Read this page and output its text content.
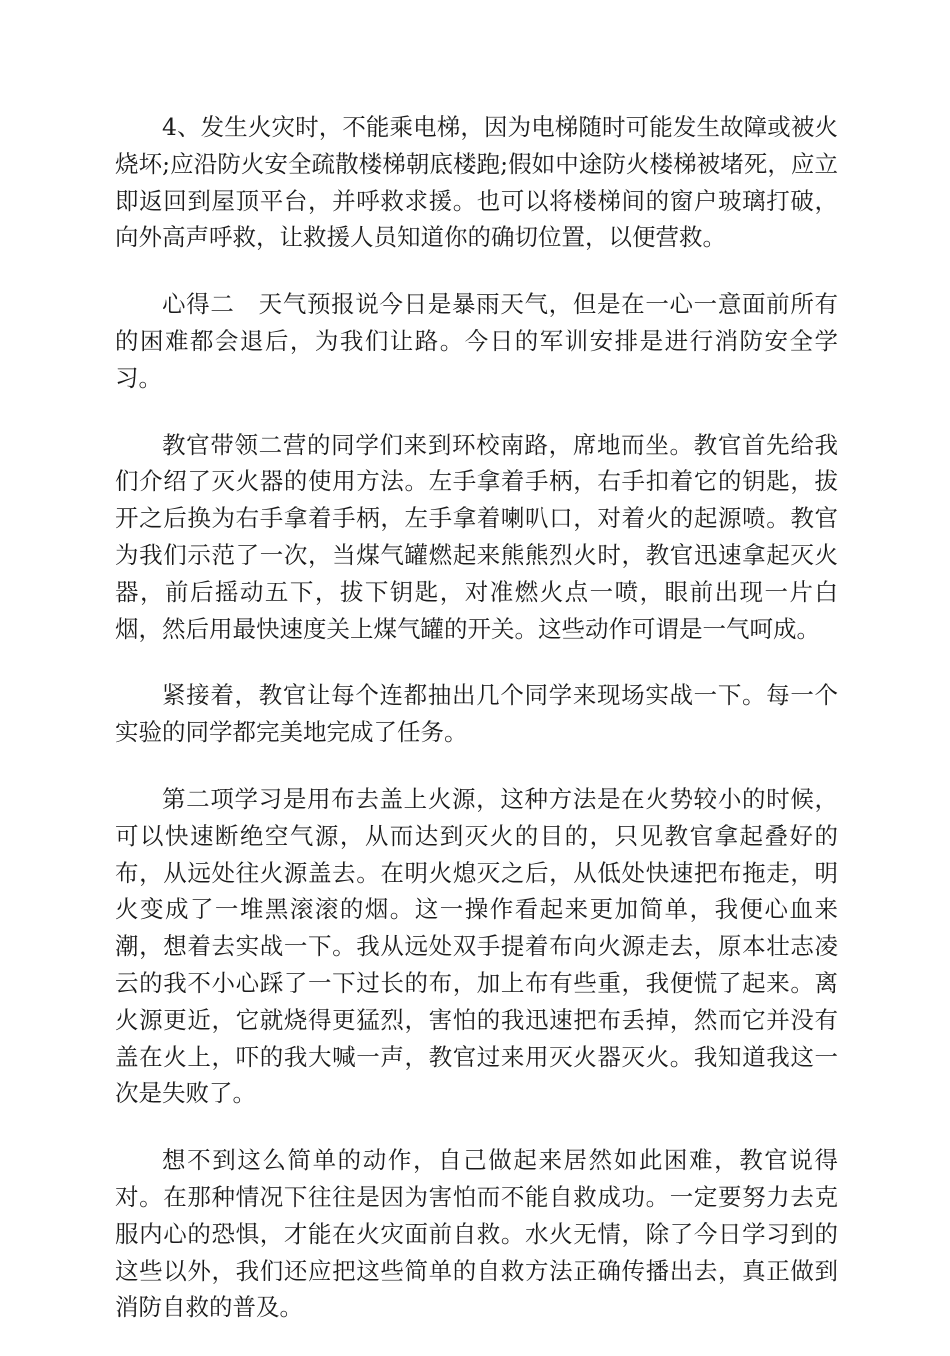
4、发生火灾时，不能乘电梯，因为电梯随时可能发生故障或被火烧坏;应沿防火安全疏散楼梯朝底楼跑;假如中途防火楼梯被堵死，应立即返回到屋顶平台，并呼救求援。也可以将楼梯间的窗户玻璃打破，向外高声呼救，让救援人员知道你的确切位置，以便营救。

心得二　天气预报说今日是暴雨天气，但是在一心一意面前所有的困难都会退后，为我们让路。今日的军训安排是进行消防安全学习。

教官带领二营的同学们来到环校南路，席地而坐。教官首先给我们介绍了灭火器的使用方法。左手拿着手柄，右手扣着它的钥匙，拔开之后换为右手拿着手柄，左手拿着喇叭口，对着火的起源喷。教官为我们示范了一次，当煤气罐燃起来熊熊烈火时，教官迅速拿起灭火器，前后摇动五下，拔下钥匙，对准燃火点一喷，眼前出现一片白烟，然后用最快速度关上煤气罐的开关。这些动作可谓是一气呵成。

紧接着，教官让每个连都抽出几个同学来现场实战一下。每一个实验的同学都完美地完成了任务。

第二项学习是用布去盖上火源，这种方法是在火势较小的时候，可以快速断绝空气源，从而达到灭火的目的，只见教官拿起叠好的布，从远处往火源盖去。在明火熄灭之后，从低处快速把布拖走，明火变成了一堆黑滚滚的烟。这一操作看起来更加简单，我便心血来潮，想着去实战一下。我从远处双手提着布向火源走去，原本壮志凌云的我不小心踩了一下过长的布，加上布有些重，我便慌了起来。离火源更近，它就烧得更猛烈，害怕的我迅速把布丢掉，然而它并没有盖在火上，吓的我大喊一声，教官过来用灭火器灭火。我知道我这一次是失败了。

想不到这么简单的动作，自己做起来居然如此困难，教官说得对。在那种情况下往往是因为害怕而不能自救成功。一定要努力去克服内心的恐惧，才能在火灾面前自救。水火无情，除了今日学习到的这些以外，我们还应把这些简单的自救方法正确传播出去，真正做到消防自救的普及。
